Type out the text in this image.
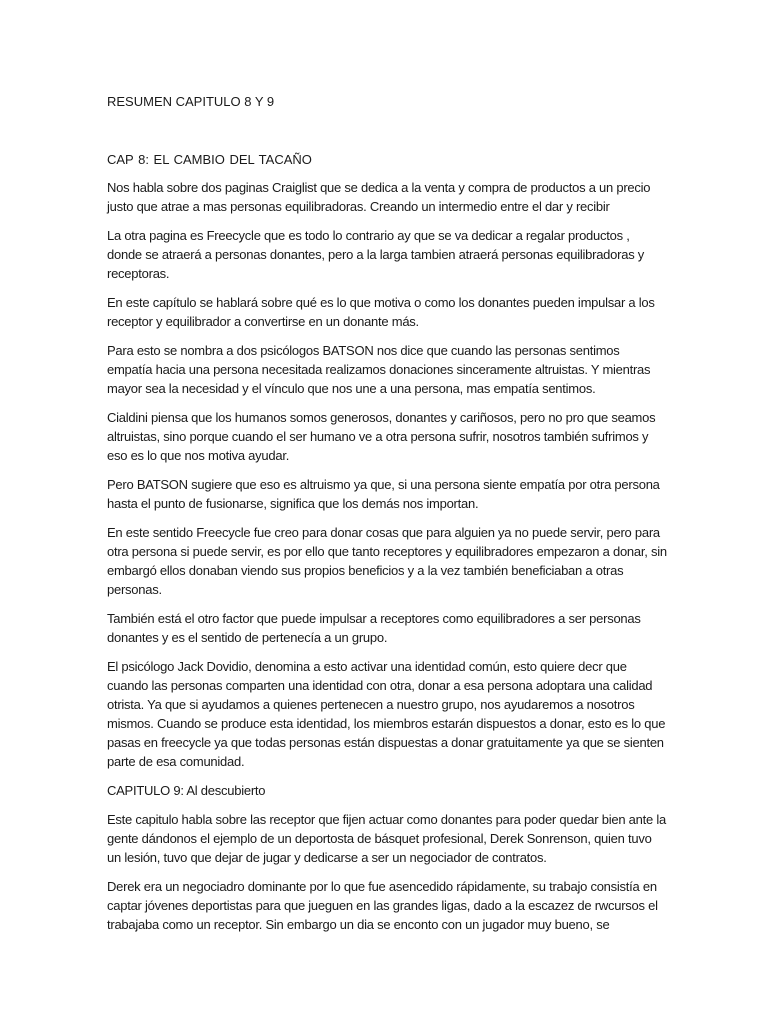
RESUMEN CAPITULO 8 Y 9
CAP 8: EL CAMBIO DEL TACAÑO

Nos habla sobre dos paginas Craiglist que se dedica a la venta y compra de productos a un precio justo que atrae a mas personas equilibradoras. Creando un intermedio entre el dar y recibir

La otra pagina es Freecycle que es todo lo contrario ay que se va dedicar a regalar productos , donde se atraerá a personas donantes, pero a la larga tambien atraerá personas equilibradoras y receptoras.

En este capítulo se hablará sobre qué es lo que motiva o como los donantes pueden impulsar a los receptor y equilibrador a convertirse en un donante más.

Para esto se nombra a dos psicólogos BATSON nos dice que cuando las personas sentimos empatía hacia una persona necesitada realizamos donaciones sinceramente altruistas. Y mientras mayor sea la necesidad y el vínculo que nos une a una persona, mas empatía sentimos.

Cialdini piensa que los humanos somos generosos, donantes y cariñosos, pero no pro que seamos altruistas, sino porque cuando el ser humano ve a otra persona sufrir, nosotros también sufrimos y eso es lo que nos motiva ayudar.

Pero BATSON sugiere que eso es altruismo ya que, si una persona siente empatía por otra persona hasta el punto de fusionarse, significa que los demás nos importan.

En este sentido Freecycle fue creo para donar cosas que para alguien ya no puede servir, pero para otra persona si puede servir, es por ello que tanto receptores y equilibradores empezaron a donar, sin embargó ellos donaban viendo sus propios beneficios y a la vez también beneficiaban a otras personas.

También está el otro factor que puede impulsar a receptores como equilibradores a ser personas donantes y es el sentido de pertenecía a un grupo.

El psicólogo Jack Dovidio, denomina a esto activar una identidad común, esto quiere decr que cuando las personas comparten una identidad con otra, donar a esa persona adoptara una calidad otrista. Ya que si ayudamos a quienes pertenecen a nuestro grupo, nos ayudaremos a nosotros mismos. Cuando se produce esta identidad, los miembros estarán dispuestos a donar, esto es lo que pasas en freecycle ya que todas personas están dispuestas a donar gratuitamente ya que se sienten parte de esa comunidad.

CAPITULO 9: Al descubierto

Este capitulo habla sobre las receptor que fijen actuar como donantes para poder quedar bien ante la gente dándonos el ejemplo de un deportosta de básquet profesional, Derek Sonrenson, quien tuvo un lesión, tuvo que dejar de jugar y dedicarse a ser un negociador de contratos.

Derek era un negociadro dominante por lo que fue asencedido rápidamente, su trabajo consistía en captar jóvenes deportistas para que jueguen en las grandes ligas, dado a la escazez de rwcursos el trabajaba como un receptor. Sin embargo un dia se enconto con un jugador muy bueno, se
